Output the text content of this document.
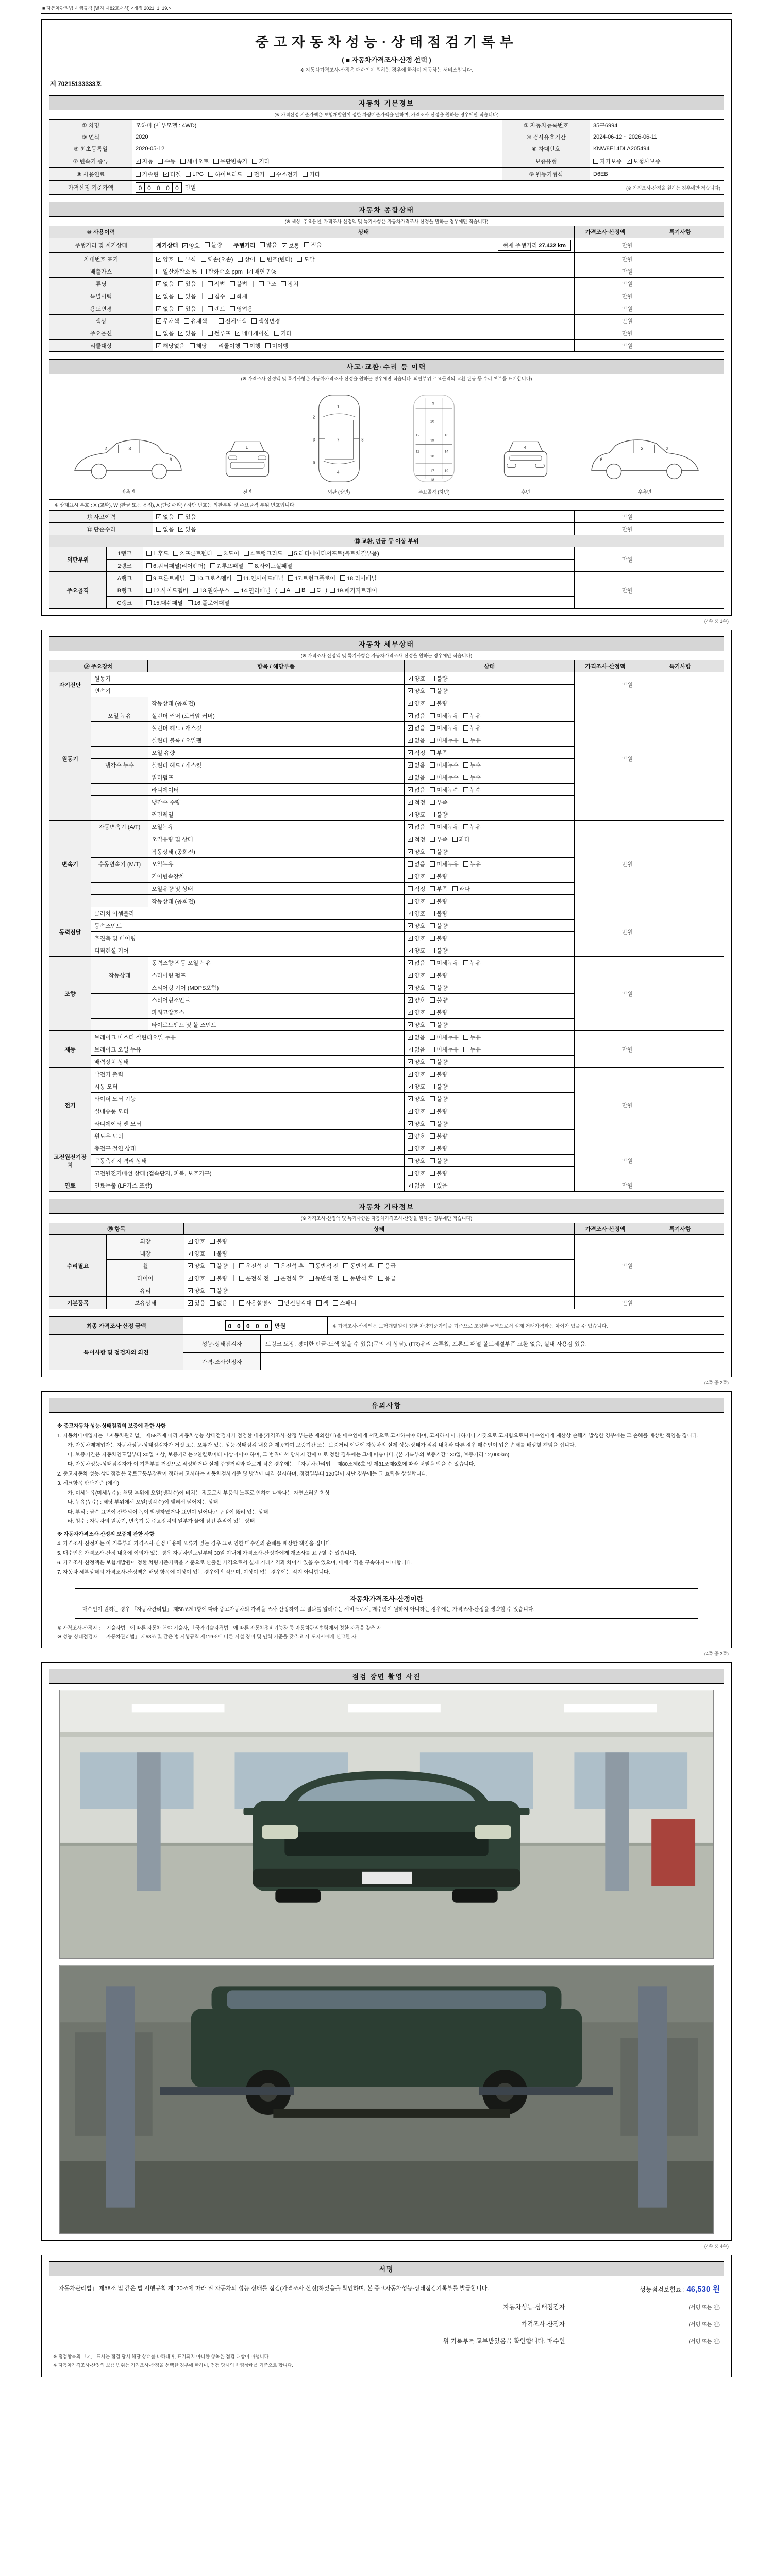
■ 자동차관리법 시행규칙 [별지 제82호서식] <개정 2021. 1. 19.>
중고자동차성능·상태점검기록부
( ■ 자동차가격조사·산정 선택 )
※ 자동차가격조사·산정은 매수인이 원하는 경우에 한하여 제공하는 서비스입니다.
제 70215133333호
자동차 기본정보
(※ 가격산정 기준가액은 보험개발원이 정한 차량기준가액을 말하며, 가격조사·산정을 원하는 경우에만 적습니다)
① 차명	모하비 (세부모델 : 4WD)	② 자동차등록번호	35구6994
③ 연식	2020	④ 검사유효기간	2024-06-12 ~ 2026-06-11
⑤ 최초등록일	2020-05-12	⑥ 차대번호	KNW8E14DLA205494
⑦ 변속기 종류	✓ 자동 수동 세미오토 무단변속기 기타	보증유형	자가보증 ✓ 보험사보증
⑧ 사용연료	가솔린 ✓ 디젤 LPG 하이브리드 전기 수소전기 기타	⑨ 원동기형식	D6EB
가격산정 기준가액	0 0 0 0 0	만원	(※ 가격조사·산정을 원하는 경우에만 적습니다)
자동차 종합상태
(※ 색상, 주요옵션, 가격조사·산정액 및 특기사항은 자동차가격조사·산정을 원하는 경우에만 적습니다)
⑩ 사용이력	상태	가격조사·산정액	특기사항
주행거리 및 계기상태	계기상태 ✓ 양호 불량 주행거리 많음 ✓ 보통 적음	현재 주행거리 27,432 km	만원
차대번호 표기	✓ 양호 부식 훼손(오손) 상이 변조(변타) 도말	만원
배출가스	일산화탄소 % 탄화수소 ppm ✓ 매연 7 %	만원
튜닝	✓ 없음 있음	적법 불법	구조 장치	만원
특별이력	✓ 없음 있음	침수 화재	만원
용도변경	✓ 없음 있음	렌트 영업용	만원
색상	✓ 무채색 유채색	전체도색 색상변경	만원
주요옵션	없음 ✓ 있음	썬루프 ✓ 네비게이션 기타	만원
리콜대상	✓ 해당없음 해당 리콜이행 이행 미이행	만원
사고·교환·수리 등 이력
(※ 가격조사·산정액 및 특기사항은 자동차가격조사·산정을 원하는 경우에만 적습니다. 외판부위·주요골격의 교환·판금 등 수리 여부를 표기합니다)
2	3
6
좌측면
1
전면
1
7
4
2
3
6
8
외판 (상면)
9
10
12	13
15
16
17
18
14
11
19
주요골격 (하면)
4
후면
2
3
6
우측면
※ 상태표시 부호 : X (교환), W (판금 또는 용접), A (단순수리) / 하단 번호는 외판부위 및 주요골격 부위 번호입니다.
⑪ 사고이력	✓ 없음 있음	만원
⑫ 단순수리	없음 ✓ 있음	만원
⑬ 교환, 판금 등 이상 부위
외판부위
1랭크	1.후드 2.프론트펜더 3.도어 4.트렁크리드 5.라디에이터서포트(볼트체결부품)
2랭크	6.쿼터패널(리어펜더) 7.루프패널 8.사이드실패널
만원
주요골격
A랭크	9.프론트패널 10.크로스멤버 11.인사이드패널 17.트렁크플로어 18.리어패널
B랭크	12.사이드멤버 13.휠하우스 14.필러패널 ( A B C ) 19.패키지트레이
C랭크	15.대쉬패널 16.플로어패널
만원
(4쪽 중 1쪽)
자동차 세부상태
(※ 가격조사·산정액 및 특기사항은 자동차가격조사·산정을 원하는 경우에만 적습니다)
⑭ 주요장치	항목 / 해당부품	상태	가격조사·산정액	특기사항
자기진단
원동기	✓ 양호 불량
변속기	✓ 양호 불량
만원
원동기
작동상태 (공회전)	✓ 양호 불량
오일 누유	실린더 커버 (로커암 커버)	✓ 없음 미세누유 누유
실린더 헤드 / 개스킷	✓ 없음 미세누유 누유
실린더 블록 / 오일팬	✓ 없음 미세누유 누유
오일 유량	✓ 적정 부족
냉각수 누수	실린더 헤드 / 개스킷	✓ 없음 미세누수 누수
워터펌프	✓ 없음 미세누수 누수
라디에이터	✓ 없음 미세누수 누수
냉각수 수량	✓ 적정 부족
커먼레일	✓ 양호 불량
만원
변속기
자동변속기 (A/T)	오일누유	✓ 없음 미세누유 누유
오일유량 및 상태	✓ 적정 부족 과다
작동상태 (공회전)	✓ 양호 불량
수동변속기 (M/T)	오일누유	없음 미세누유 누유
기어변속장치	양호 불량
오일유량 및 상태	적정 부족 과다
작동상태 (공회전)	양호 불량
만원
동력전달
클러치 어셈블리	✓ 양호 불량
등속조인트	✓ 양호 불량
추진축 및 베어링	✓ 양호 불량
디퍼렌셜 기어	✓ 양호 불량
만원
조향
동력조향 작동 오일 누유	✓ 없음 미세누유 누유
작동상태	스티어링 펌프	✓ 양호 불량
스티어링 기어 (MDPS포함)	✓ 양호 불량
스티어링조인트	✓ 양호 불량
파워고압호스	✓ 양호 불량
타이로드엔드 및 볼 조인트	✓ 양호 불량
만원
제동
브레이크 마스터 실린더오일 누유	✓ 없음 미세누유 누유
브레이크 오일 누유	✓ 없음 미세누유 누유
배력장치 상태	✓ 양호 불량
만원
전기
발전기 출력	✓ 양호 불량
시동 모터	✓ 양호 불량
와이퍼 모터 기능	✓ 양호 불량
실내송풍 모터	✓ 양호 불량
라디에이터 팬 모터	✓ 양호 불량
윈도우 모터	✓ 양호 불량
만원
고전원전기장치
충전구 절연 상태	양호 불량
구동축전지 격리 상태	양호 불량
고전원전기배선 상태 (접속단자, 피복, 보호기구)	양호 불량
만원
연료	연료누출 (LP가스 포함)	✓ 없음 있음	만원
자동차 기타정보
(※ 가격조사·산정액 및 특기사항은 자동차가격조사·산정을 원하는 경우에만 적습니다)
⑮ 항목	상태	가격조사·산정액	특기사항
수리필요
외장	✓ 양호 불량
내장	✓ 양호 불량
휠	✓ 양호 불량	운전석 전 운전석 후 동반석 전 동반석 후 응급
타이어	✓ 양호 불량	운전석 전 운전석 후 동반석 전 동반석 후 응급
유리	✓ 양호 불량
만원
기본품목	보유상태	✓ 있음 없음	사용설명서 안전삼각대 잭 스패너	만원
최종 가격조사·산정 금액	0 0 0 0 0	만원	※ 가격조사·산정액은 보험개발원이 정한 차량기준가액을 기준으로 조정한 금액으로서 실제 거래가격과는 차이가 있을 수 있습니다.
특이사항 및 점검자의 의견
성능·상태점검자	트렁크 도장, 경미한 판금·도색 있을 수 있음(문의 시 상담). (FR)유리 스톤칩, 프론트 패널 볼트체결부품 교환 없음, 실내 사용감 있음.
가격·조사산정자
(4쪽 중 2쪽)
유의사항

※ 중고자동차 성능·상태점검의 보증에 관한 사항

1. 자동차매매업자는 「자동차관리법」 제58조에 따라 자동차성능·상태점검자가 점검한 내용(가격조사·산정 부분은 제외한다)을 매수인에게 서면으로 고지하여야 하며, 고지하지 아니하거나 거짓으로 고지함으로써 매수인에게 재산상 손해가 발생한 경우에는 그 손해를 배상할 책임을 집니다.

가. 자동차매매업자는 자동차성능·상태점검자가 거짓 또는 오류가 있는 성능·상태점검 내용을 제공하여 보증기간 또는 보증거리 이내에 자동차의 실제 성능·상태가 점검 내용과 다른 경우 매수인이 입은 손해를 배상할 책임을 집니다.

나. 보증기간은 자동차인도일부터 30일 이상, 보증거리는 2천킬로미터 이상이어야 하며, 그 범위에서 당사자 간에 따로 정한 경우에는 그에 따릅니다. (본 기록부의 보증기간 : 30일, 보증거리 : 2,000km)

다. 자동차성능·상태점검자가 이 기록부를 거짓으로 작성하거나 실제 주행거리와 다르게 적은 경우에는 「자동차관리법」 제80조제6호 및 제81조제9호에 따라 처벌을 받을 수 있습니다.

2. 중고자동차 성능·상태점검은 국토교통부장관이 정하여 고시하는 자동차검사기준 및 방법에 따라 실시하며, 점검일부터 120일이 지난 경우에는 그 효력을 상실합니다.

3. 체크항목 판단기준 (예시)

가. 미세누유(미세누수) : 해당 부위에 오일(냉각수)이 비치는 정도로서 부품의 노후로 인하여 나타나는 자연스러운 현상

나. 누유(누수) : 해당 부위에서 오일(냉각수)이 맺혀서 떨어지는 상태

다. 부식 : 금속 표면이 산화되어 녹이 발생하였거나 표면이 일어나고 구멍이 뚫려 있는 상태

라. 침수 : 자동차의 원동기, 변속기 등 주요장치의 일부가 물에 잠긴 흔적이 있는 상태

※ 자동차가격조사·산정의 보증에 관한 사항

4. 가격조사·산정자는 이 기록부의 가격조사·산정 내용에 오류가 있는 경우 그로 인한 매수인의 손해를 배상할 책임을 집니다.

5. 매수인은 가격조사·산정 내용에 이의가 있는 경우 자동차인도일부터 30일 이내에 가격조사·산정자에게 재조사를 요구할 수 있습니다.

6. 가격조사·산정액은 보험개발원이 정한 차량기준가액을 기준으로 산출한 가격으로서 실제 거래가격과 차이가 있을 수 있으며, 매매가격을 구속하지 아니합니다.

7. 자동차 세부상태의 가격조사·산정액은 해당 항목에 이상이 있는 경우에만 적으며, 이상이 없는 경우에는 적지 아니합니다.

자동차가격조사·산정이란
매수인이 원하는 경우 「자동차관리법」 제58조제1항에 따라 중고자동차의 가격을 조사·산정하여 그 결과를 알려주는 서비스로서, 매수인이 원하지 아니하는 경우에는 가격조사·산정을 생략할 수 있습니다.

※ 가격조사·산정자 : 「기술사법」에 따른 자동차 분야 기술사, 「국가기술자격법」에 따른 자동차정비기능장 등 자동차관리법령에서 정한 자격을 갖춘 자

※ 성능·상태점검자 : 「자동차관리법」 제58조 및 같은 법 시행규칙 제119조에 따른 시설·장비 및 인력 기준을 갖추고 시·도지사에게 신고한 자

(4쪽 중 3쪽)
점검 장면 촬영 사진
(4쪽 중 4쪽)
서명

「자동차관리법」 제58조 및 같은 법 시행규칙 제120조에 따라 위 자동차의 성능·상태를 점검(가격조사·산정)하였음을 확인하며, 본 중고자동차성능·상태점검기록부를 발급합니다.	성능점검보험료 : 46,530 원

자동차성능·상태점검자	(서명 또는 인)
가격조사·산정자	(서명 또는 인)
위 기록부를 교부받았음을 확인합니다. 매수인	(서명 또는 인)

※ 점검항목의 「✓」 표시는 점검 당시 해당 상태를 나타내며, 표기되지 아니한 항목은 점검 대상이 아닙니다.

※ 자동차가격조사·산정의 보증 범위는 가격조사·산정을 선택한 경우에 한하며, 점검 당시의 차량상태를 기준으로 합니다.
